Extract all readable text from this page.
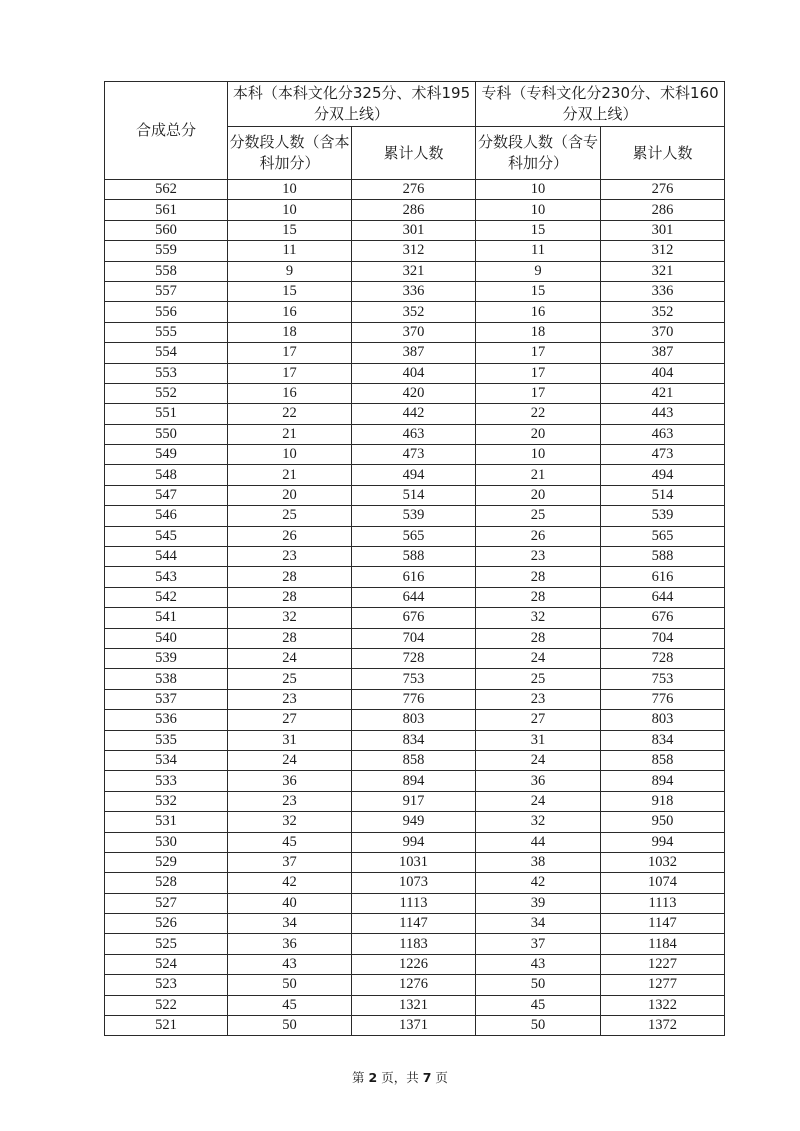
合成总分	本科（本科文化分325分、术科195分双上线）		专科（专科文化分230分、术科160分双上线）	
	分数段人数（含本科加分）	累计人数	分数段人数（含专科加分）	累计人数
562	10	276	10	276
561	10	286	10	286
560	15	301	15	301
559	11	312	11	312
558	9	321	9	321
557	15	336	15	336
556	16	352	16	352
555	18	370	18	370
554	17	387	17	387
553	17	404	17	404
552	16	420	17	421
551	22	442	22	443
550	21	463	20	463
549	10	473	10	473
548	21	494	21	494
547	20	514	20	514
546	25	539	25	539
545	26	565	26	565
544	23	588	23	588
543	28	616	28	616
542	28	644	28	644
541	32	676	32	676
540	28	704	28	704
539	24	728	24	728
538	25	753	25	753
537	23	776	23	776
536	27	803	27	803
535	31	834	31	834
534	24	858	24	858
533	36	894	36	894
532	23	917	24	918
531	32	949	32	950
530	45	994	44	994
529	37	1031	38	1032
528	42	1073	42	1074
527	40	1113	39	1113
526	34	1147	34	1147
525	36	1183	37	1184
524	43	1226	43	1227
523	50	1276	50	1277
522	45	1321	45	1322
521	50	1371	50	1372
第 2 页，共 7 页
